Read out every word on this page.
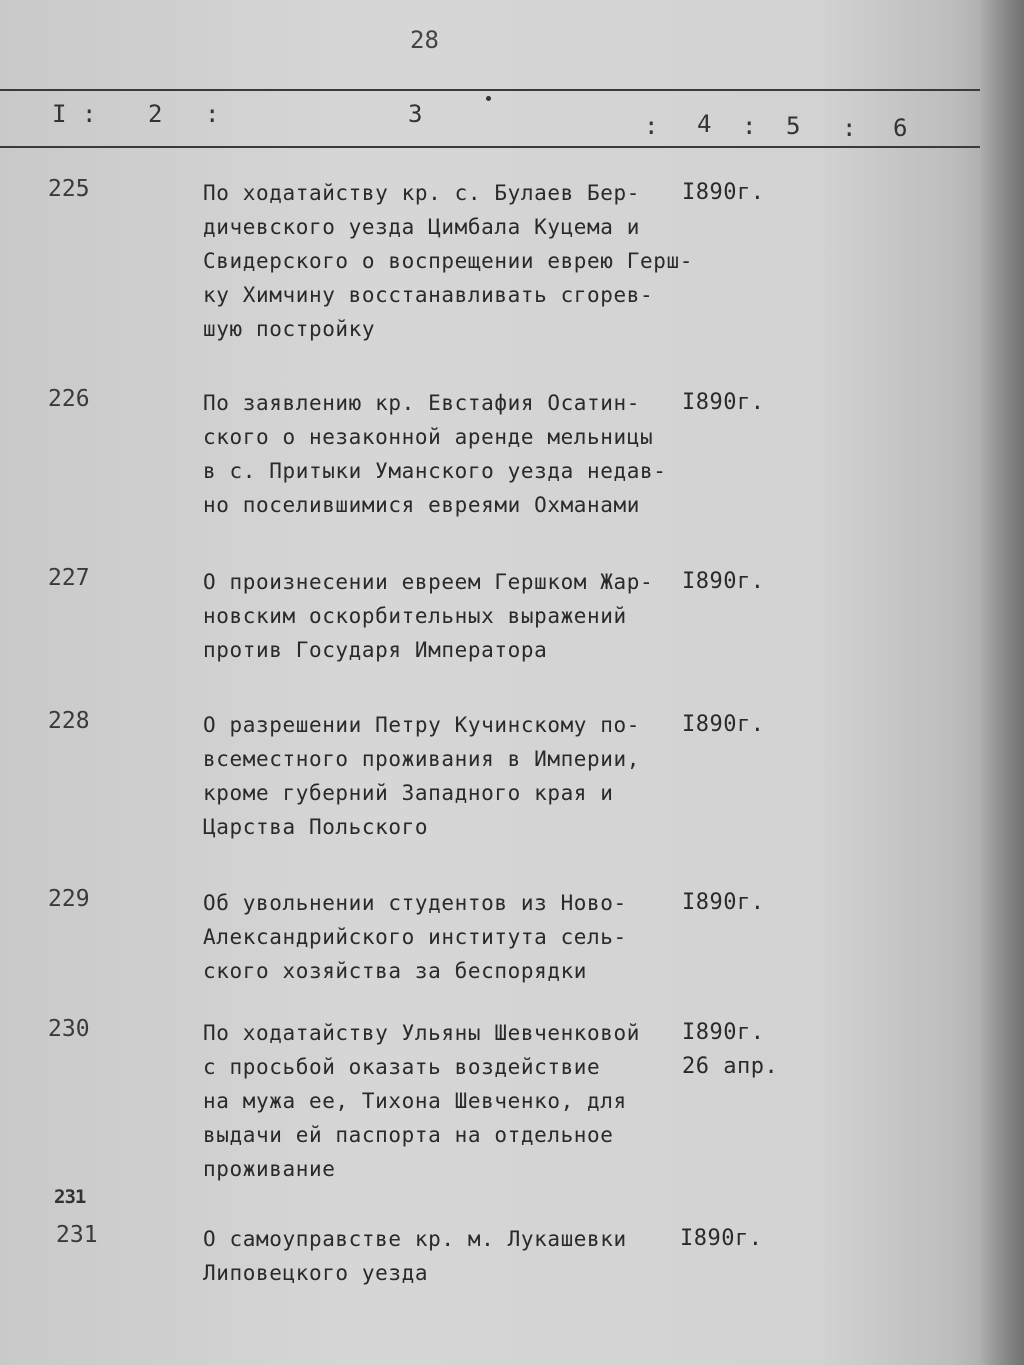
28
I : 2 :	3	: 4 : 5 : 6
225	По ходатайству кр. с. Булаев Бер-
дичевского уезда Цимбала Куцема и
Свидерского о воспрещении еврею Герш-
ку Химчину восстанавливать сгорев-
шую постройку
I890г.
226	По заявлению кр. Евстафия Осатин-
ского о незаконной аренде мельницы
в с. Притыки Уманского уезда недав-
но поселившимися евреями Охманами
I890г.
227	О произнесении евреем Гершком Жар-
новским оскорбительных выражений
против Государя Императора
I890г.
228	О разрешении Петру Кучинскому по-
всеместного проживания в Империи,
кроме губерний Западного края и
Царства Польского
I890г.
229	Об увольнении студентов из Ново-
Александрийского института сель-
ского хозяйства за беспорядки
I890г.
230	По ходатайству Ульяны Шевченковой
с просьбой оказать воздействие
на мужа ее, Тихона Шевченко, для
выдачи ей паспорта на отдельное
проживание
I890г.
26 апр.
231
231	О самоуправстве кр. м. Лукашевки
Липовецкого уезда
I890г.
